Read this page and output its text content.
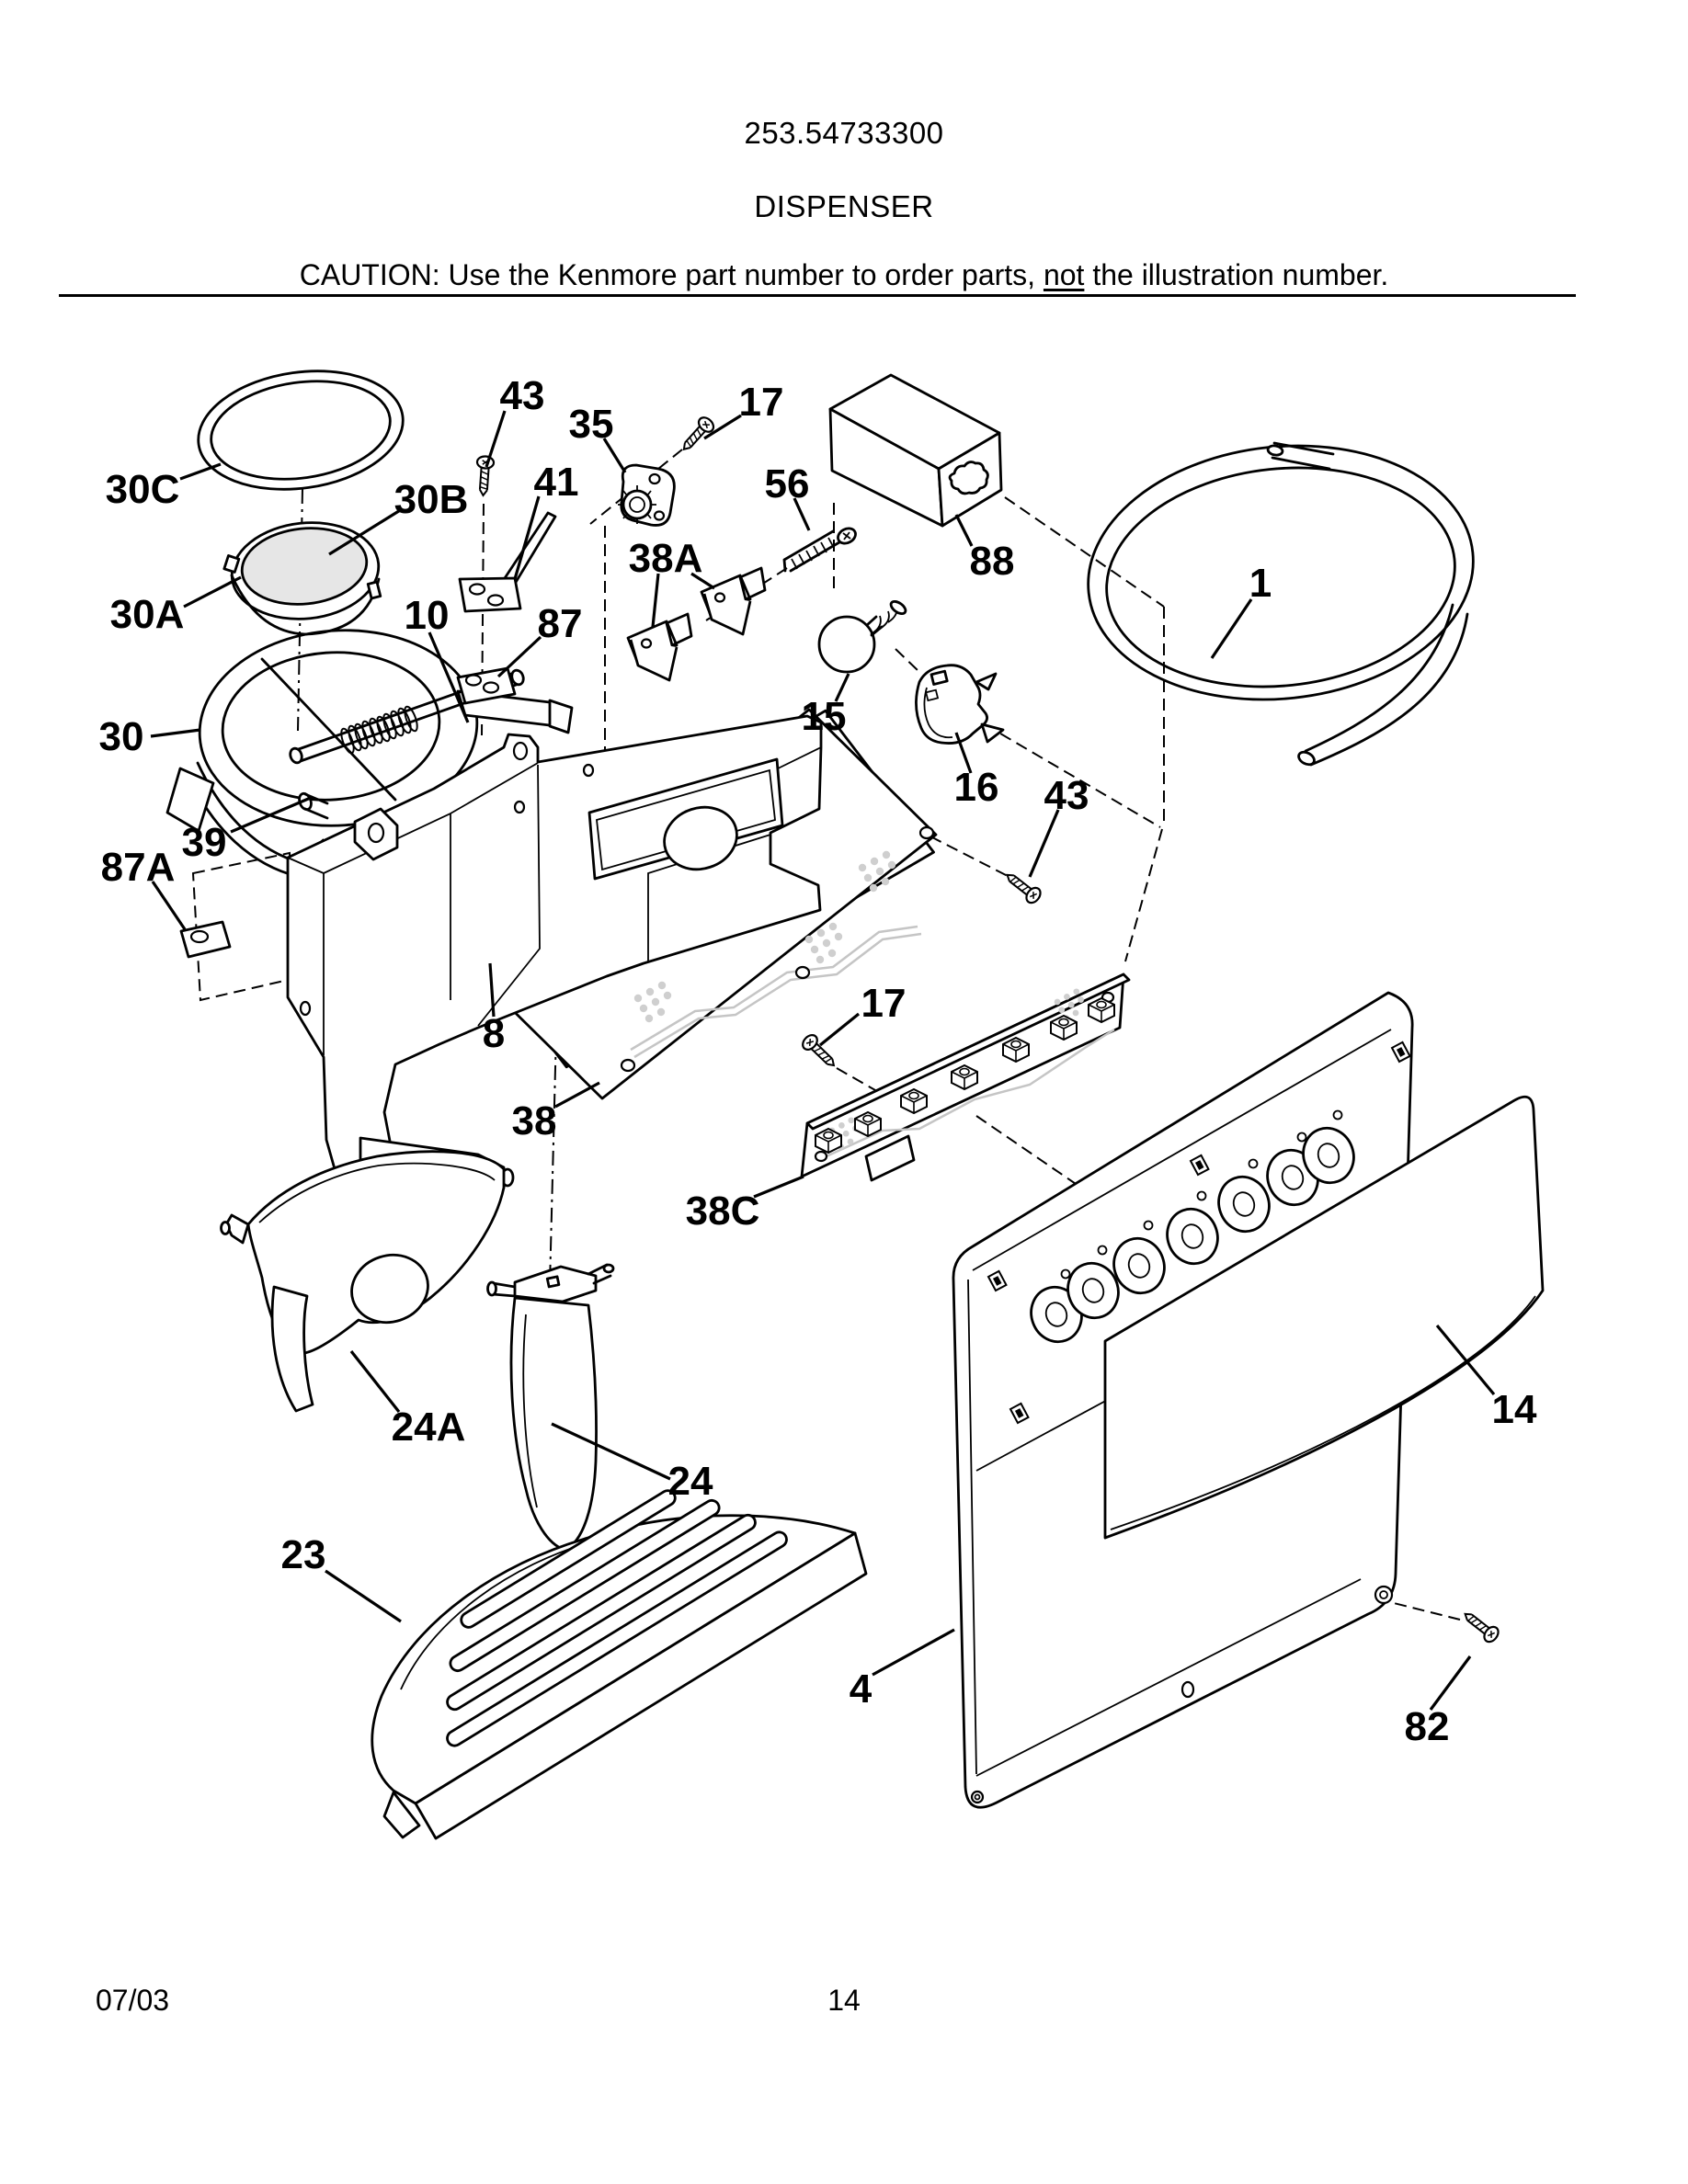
253.54733300
DISPENSER
CAUTION: Use the Kenmore part number to order parts, not the illustration number.
43
35	17
30C	30B 41	56
88	1
38A
30A	10 87
15
16 43
30
39
87A
8
17
38
38C
14
24A
24
23
4
82
07/03	14
